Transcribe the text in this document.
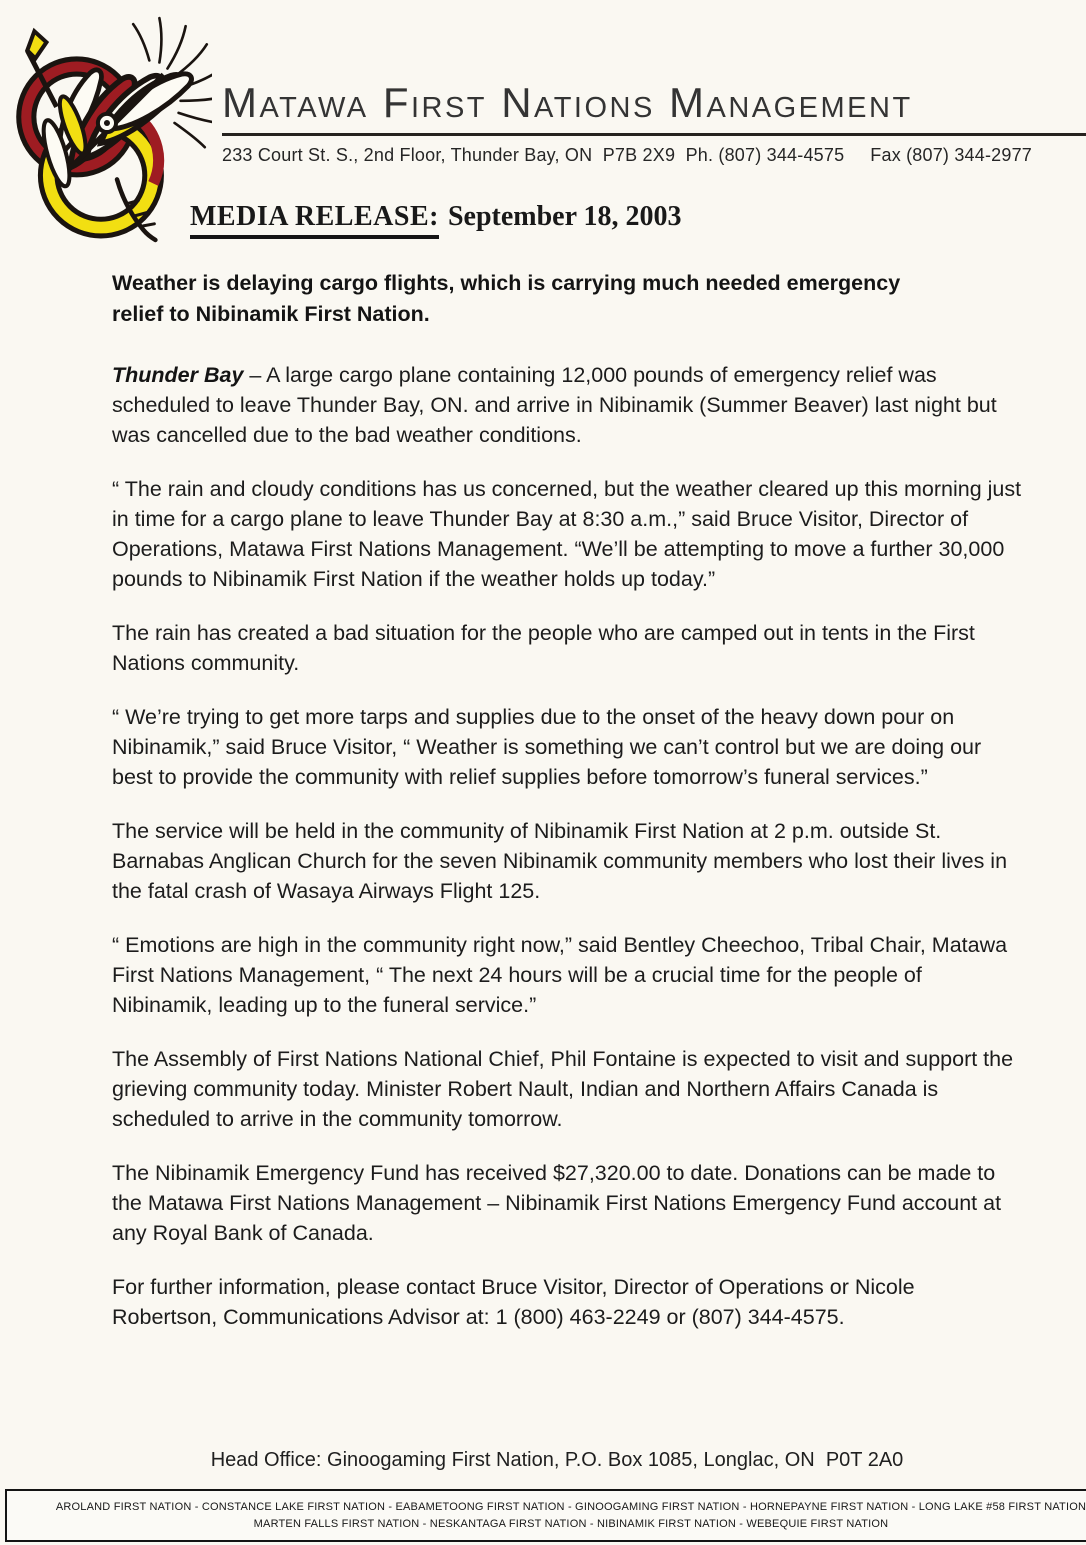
Matawa First Nations Management
233 Court St. S., 2nd Floor, Thunder Bay, ON  P7B 2X9  Ph. (807) 344-4575     Fax (807) 344-2977
MEDIA RELEASE: September 18, 2003
Weather is delaying cargo flights, which is carrying much needed emergency relief to Nibinamik First Nation.

Thunder Bay – A large cargo plane containing 12,000 pounds of emergency relief was scheduled to leave Thunder Bay, ON. and arrive in Nibinamik (Summer Beaver) last night but was cancelled due to the bad weather conditions.

“ The rain and cloudy conditions has us concerned, but the weather cleared up this morning just in time for a cargo plane to leave Thunder Bay at 8:30 a.m.,” said Bruce Visitor, Director of Operations, Matawa First Nations Management. “We’ll be attempting to move a further 30,000 pounds to Nibinamik First Nation if the weather holds up today.”

The rain has created a bad situation for the people who are camped out in tents in the First Nations community.

“ We’re trying to get more tarps and supplies due to the onset of the heavy down pour on Nibinamik,” said Bruce Visitor, “ Weather is something we can’t control but we are doing our best to provide the community with relief supplies before tomorrow’s funeral services.”

The service will be held in the community of Nibinamik First Nation at 2 p.m. outside St. Barnabas Anglican Church for the seven Nibinamik community members who lost their lives in the fatal crash of Wasaya Airways Flight 125.

“ Emotions are high in the community right now,” said Bentley Cheechoo, Tribal Chair, Matawa First Nations Management, “ The next 24 hours will be a crucial time for the people of Nibinamik, leading up to the funeral service.”

The Assembly of First Nations National Chief, Phil Fontaine is expected to visit and support the grieving community today. Minister Robert Nault, Indian and Northern Affairs Canada is scheduled to arrive in the community tomorrow.

The Nibinamik Emergency Fund has received $27,320.00 to date. Donations can be made to the Matawa First Nations Management – Nibinamik First Nations Emergency Fund account at any Royal Bank of Canada.

For further information, please contact Bruce Visitor, Director of Operations or Nicole Robertson, Communications Advisor at: 1 (800) 463-2249 or (807) 344-4575.

Head Office: Ginoogaming First Nation, P.O. Box 1085, Longlac, ON  P0T 2A0
AROLAND FIRST NATION - CONSTANCE LAKE FIRST NATION - EABAMETOONG FIRST NATION - GINOOGAMING FIRST NATION - HORNEPAYNE FIRST NATION - LONG LAKE #58 FIRST NATION
MARTEN FALLS FIRST NATION - NESKANTAGA FIRST NATION - NIBINAMIK FIRST NATION - WEBEQUIE FIRST NATION
